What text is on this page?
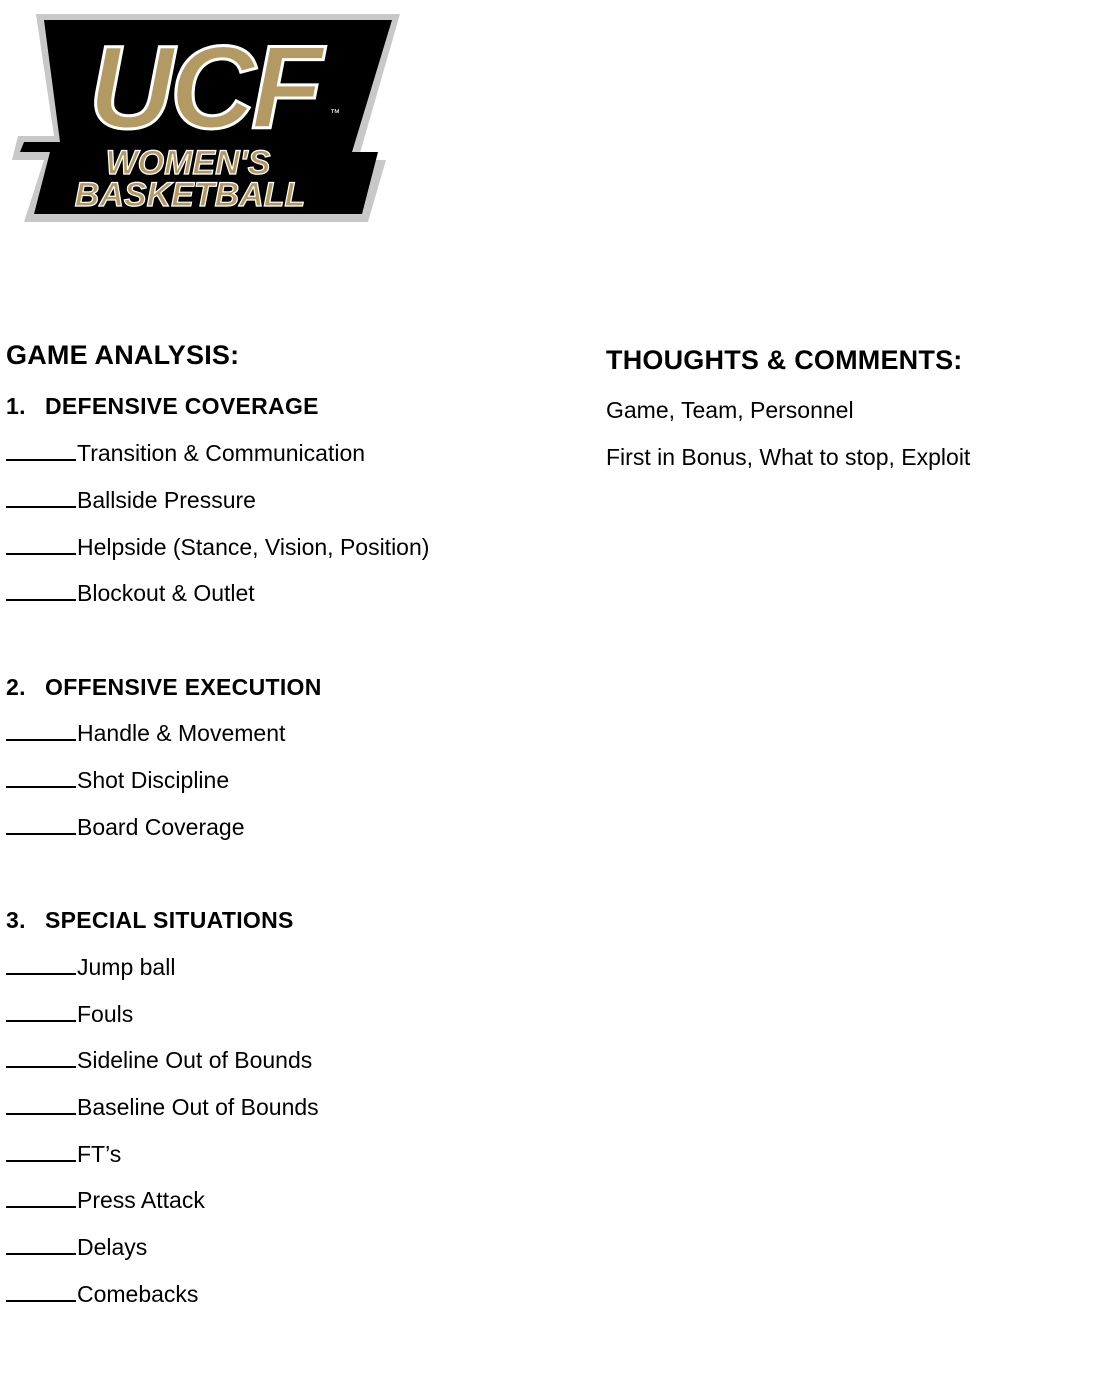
UCF	™
WOMEN'S
BASKETBALL
GAME ANALYSIS:
1. DEFENSIVE COVERAGE
Transition & Communication
Ballside Pressure
Helpside (Stance, Vision, Position)
Blockout & Outlet
2. OFFENSIVE EXECUTION
Handle & Movement
Shot Discipline
Board Coverage
3. SPECIAL SITUATIONS
Jump ball
Fouls
Sideline Out of Bounds
Baseline Out of Bounds
FT’s
Press Attack
Delays
Comebacks
THOUGHTS & COMMENTS:
Game, Team, Personnel
First in Bonus, What to stop, Exploit
